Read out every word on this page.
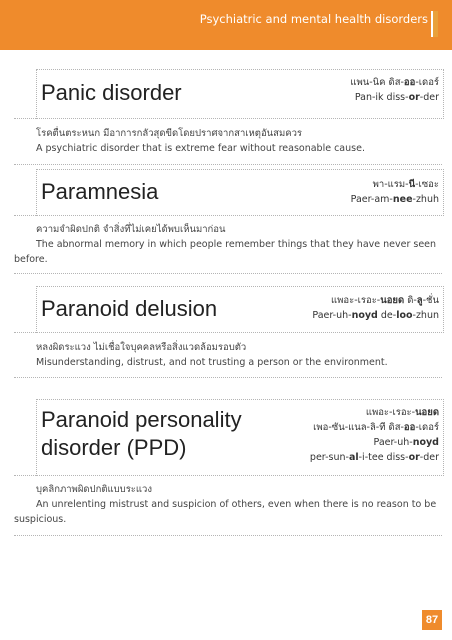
Psychiatric and mental health disorders
Panic disorder	แพน-นิค ดิส-ออ-เดอร์
Pan-ik diss-or-der
โรคตื่นตระหนก มีอาการกลัวสุดขีดโดยปราศจากสาเหตุอันสมควร
A psychiatric disorder that is extreme fear without reasonable cause.
Paramnesia	พา-แรม-นี-เซอะ
Paer-am-nee-zhuh
ความจำผิดปกติ จำสิ่งที่ไม่เคยได้พบเห็นมาก่อน
The abnormal memory in which people remember things that they have never seen before.
Paranoid delusion	แพอะ-เรอะ-นอยด ดิ-ลู-ชั่น
Paer-uh-noyd de-loo-zhun
หลงผิดระแวง ไม่เชื่อใจบุคคลหรือสิ่งแวดล้อมรอบตัว
Misunderstanding, distrust, and not trusting a person or the environment.
Paranoid personality
disorder (PPD)
แพอะ-เรอะ-นอยด
เพอ-ซัน-แนล-ลิ-ที ดิส-ออ-เดอร์
Paer-uh-noyd
per-sun-al-i-tee diss-or-der
บุคลิกภาพผิดปกติแบบระแวง
An unrelenting mistrust and suspicion of others, even when there is no reason to be suspicious.
87
